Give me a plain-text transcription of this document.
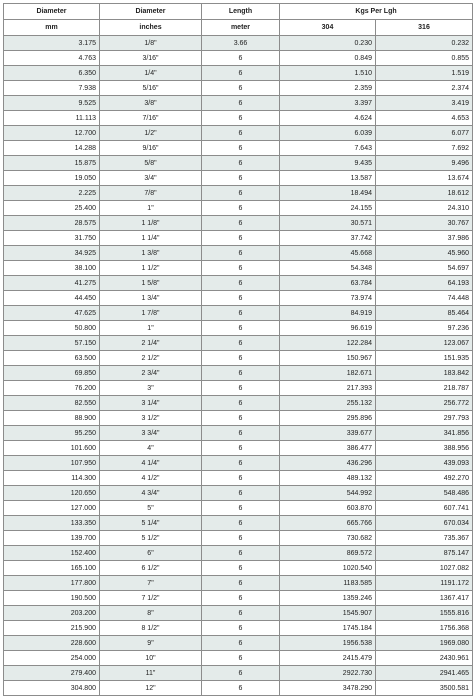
Diameter	Diameter	Length	Kgs Per Lgh	
mm	inches	meter	304	316
3.175	1/8"	3.66	0.230	0.232
4.763	3/16"	6	0.849	0.855
6.350	1/4"	6	1.510	1.519
7.938	5/16"	6	2.359	2.374
9.525	3/8"	6	3.397	3.419
11.113	7/16"	6	4.624	4.653
12.700	1/2"	6	6.039	6.077
14.288	9/16"	6	7.643	7.692
15.875	5/8"	6	9.435	9.496
19.050	3/4"	6	13.587	13.674
2.225	7/8"	6	18.494	18.612
25.400	1"	6	24.155	24.310
28.575	1 1/8"	6	30.571	30.767
31.750	1 1/4"	6	37.742	37.986
34.925	1 3/8"	6	45.668	45.960
38.100	1 1/2"	6	54.348	54.697
41.275	1 5/8"	6	63.784	64.193
44.450	1 3/4"	6	73.974	74.448
47.625	1 7/8"	6	84.919	85.464
50.800	1"	6	96.619	97.236
57.150	2 1/4"	6	122.284	123.067
63.500	2 1/2"	6	150.967	151.935
69.850	2 3/4"	6	182.671	183.842
76.200	3"	6	217.393	218.787
82.550	3 1/4"	6	255.132	256.772
88.900	3 1/2"	6	295.896	297.793
95.250	3 3/4"	6	339.677	341.856
101.600	4"	6	386.477	388.956
107.950	4 1/4"	6	436.296	439.093
114.300	4 1/2"	6	489.132	492.270
120.650	4 3/4"	6	544.992	548.486
127.000	5"	6	603.870	607.741
133.350	5 1/4"	6	665.766	670.034
139.700	5 1/2"	6	730.682	735.367
152.400	6"	6	869.572	875.147
165.100	6 1/2"	6	1020.540	1027.082
177.800	7"	6	1183.585	1191.172
190.500	7 1/2"	6	1359.246	1367.417
203.200	8"	6	1545.907	1555.816
215.900	8 1/2"	6	1745.184	1756.368
228.600	9"	6	1956.538	1969.080
254.000	10"	6	2415.479	2430.961
279.400	11"	6	2922.730	2941.465
304.800	12"	6	3478.290	3500.581
